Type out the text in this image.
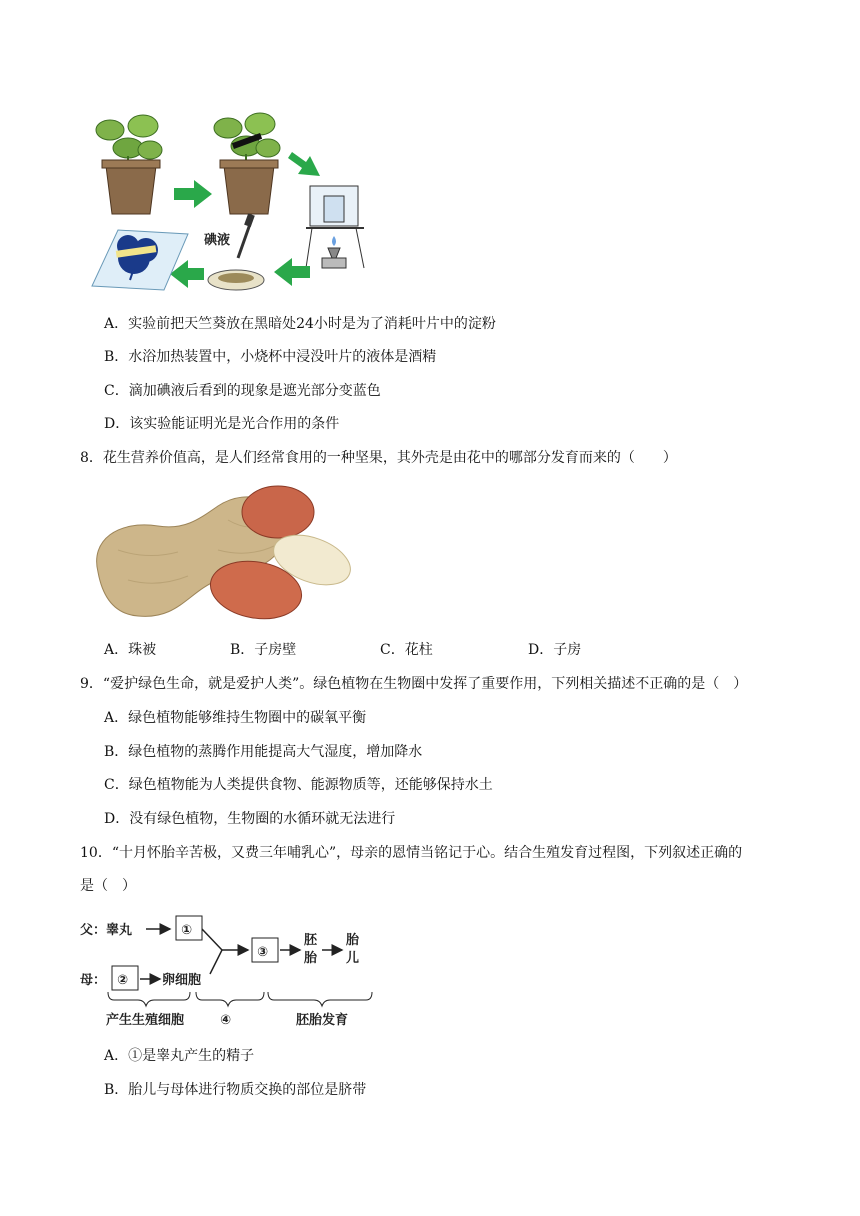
碘液
A．实验前把天竺葵放在黑暗处24小时是为了消耗叶片中的淀粉
B．水浴加热装置中，小烧杯中浸没叶片的液体是酒精
C．滴加碘液后看到的现象是遮光部分变蓝色
D．该实验能证明光是光合作用的条件
8．花生营养价值高，是人们经常食用的一种坚果，其外壳是由花中的哪部分发育而来的（　　）
A．珠被	B．子房壁	C．花柱	D．子房
9．“爱护绿色生命，就是爱护人类”。绿色植物在生物圈中发挥了重要作用，下列相关描述不正确的是（　）
A．绿色植物能够维持生物圈中的碳氧平衡
B．绿色植物的蒸腾作用能提高大气湿度，增加降水
C．绿色植物能为人类提供食物、能源物质等，还能够保持水土
D．没有绿色植物，生物圈的水循环就无法进行
10．“十月怀胎辛苦极，又费三年哺乳心”，母亲的恩情当铭记于心。结合生殖发育过程图，下列叙述正确的
是（　）
父：睾丸	①
母： ②	卵细胞
③
胚胎
胎儿
产生生殖细胞	④	胚胎发育
A．①是睾丸产生的精子
B．胎儿与母体进行物质交换的部位是脐带
